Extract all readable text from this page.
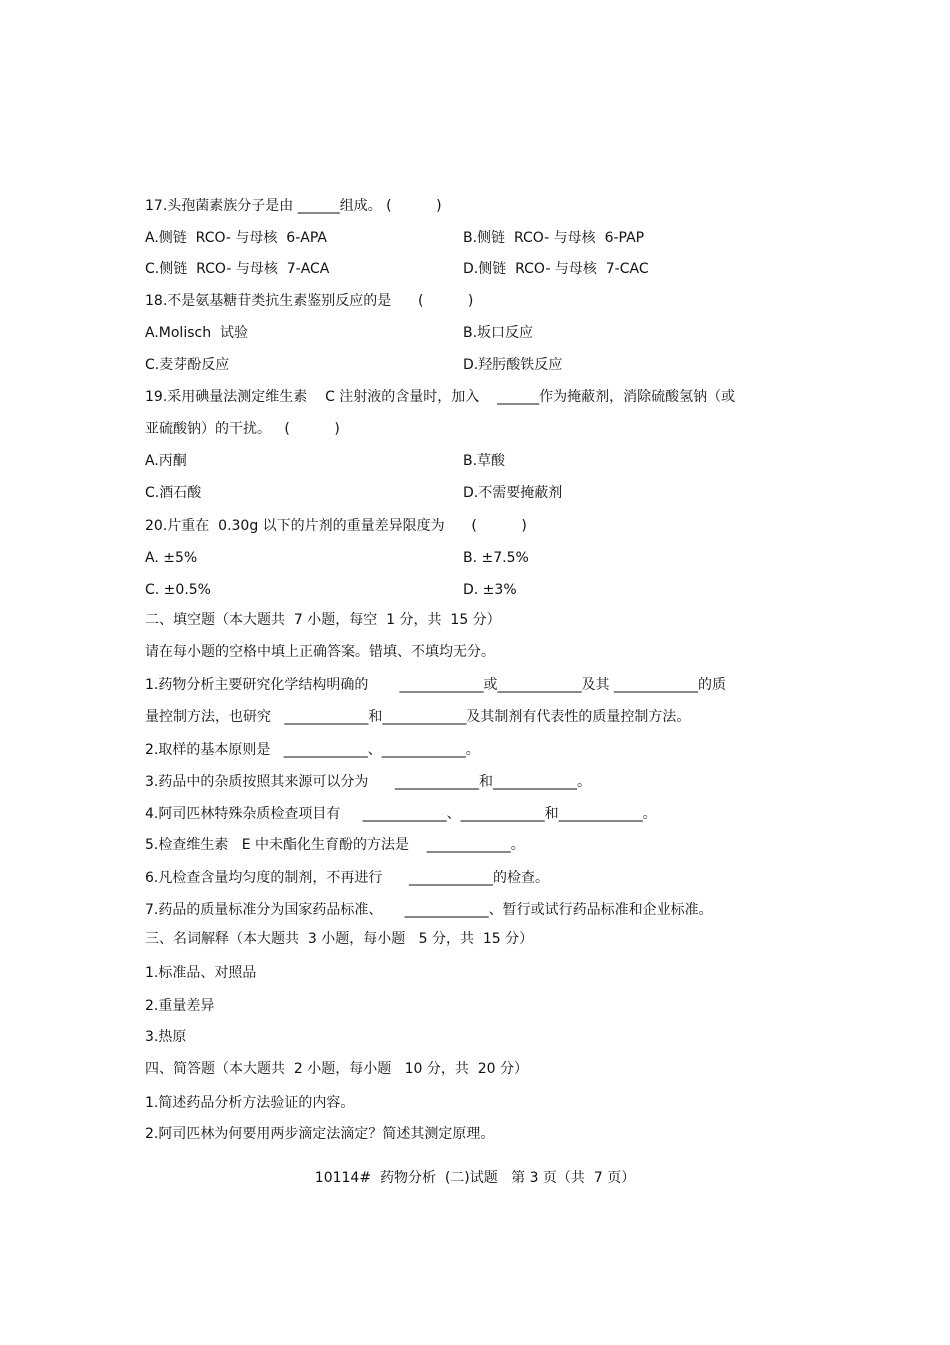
17.头孢菌素族分子是由 ______组成。 (          )
A.侧链  RCO- 与母核  6-APA	B.侧链  RCO- 与母核  6-PAP
C.侧链  RCO- 与母核  7-ACA	D.侧链  RCO- 与母核  7-CAC
18.不是氨基糖苷类抗生素鉴别反应的是      (          )
A.Molisch  试验	B.坂口反应
C.麦芽酚反应	D.羟肟酸铁反应
19.采用碘量法测定维生素    C 注射液的含量时，加入    ______作为掩蔽剂，消除硫酸氢钠（或
亚硫酸钠）的干扰。   (          )
A.丙酮	B.草酸
C.酒石酸	D.不需要掩蔽剂
20.片重在  0.30g 以下的片剂的重量差异限度为      (          )
A. ±5%	B. ±7.5%
C. ±0.5%	D. ±3%
二、填空题（本大题共  7 小题，每空  1 分，共  15 分）
请在每小题的空格中填上正确答案。错填、不填均无分。
1.药物分析主要研究化学结构明确的       ____________或____________及其 ____________的质
量控制方法，也研究   ____________和____________及其制剂有代表性的质量控制方法。
2.取样的基本原则是   ____________、____________。
3.药品中的杂质按照其来源可以分为      ____________和____________。
4.阿司匹林特殊杂质检查项目有     ____________、____________和____________。
5.检查维生素   E 中未酯化生育酚的方法是    ____________。
6.凡检查含量均匀度的制剂，不再进行      ____________的检查。
7.药品的质量标准分为国家药品标准、     ____________、暂行或试行药品标准和企业标准。
三、名词解释（本大题共  3 小题，每小题   5 分，共  15 分）
1.标准品、对照品
2.重量差异
3.热原
四、简答题（本大题共  2 小题，每小题   10 分，共  20 分）
1.简述药品分析方法验证的内容。
2.阿司匹林为何要用两步滴定法滴定？简述其测定原理。
10114#  药物分析  (二)试题   第 3 页（共  7 页）
